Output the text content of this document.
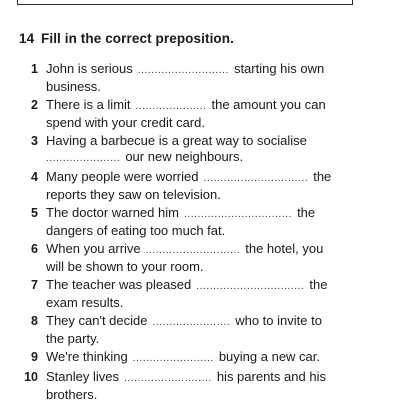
14 Fill in the correct preposition.
1 John is serious ........................... starting his own
business.
2 There is a limit ..................... the amount you can
spend with your credit card.
3 Having a barbecue is a great way to socialise
...................... our new neighbours.
4 Many people were worried ............................... the
reports they saw on television.
5 The doctor warned him ................................ the
dangers of eating too much fat.
6 When you arrive ............................ the hotel, you
will be shown to your room.
7 The teacher was pleased ................................ the
exam results.
8 They can't decide ....................... who to invite to
the party.
9 We're thinking ........................ buying a new car.
10 Stanley lives .......................... his parents and his
brothers.
